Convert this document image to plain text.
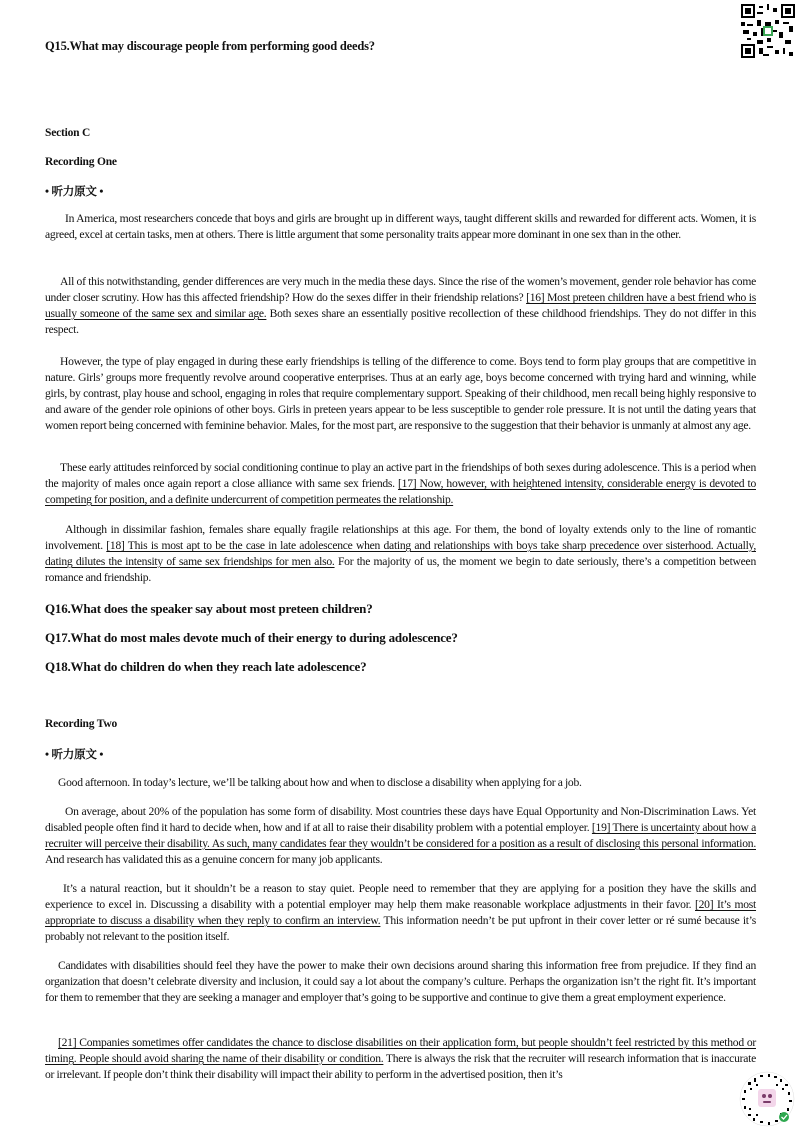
Q15.What may discourage people from performing good deeds?
Section C
Recording One
• 听力原文 •
In America, most researchers concede that boys and girls are brought up in different ways, taught different skills and rewarded for different acts. Women, it is agreed, excel at certain tasks, men at others. There is little argument that some personality traits appear more dominant in one sex than in the other.
All of this notwithstanding, gender differences are very much in the media these days. Since the rise of the women’s movement, gender role behavior has come under closer scrutiny. How has this affected friendship? How do the sexes differ in their friendship relations? [16] Most preteen children have a best friend who is usually someone of the same sex and similar age. Both sexes share an essentially positive recollection of these childhood friendships. They do not differ in this respect.
However, the type of play engaged in during these early friendships is telling of the difference to come. Boys tend to form play groups that are competitive in nature. Girls’ groups more frequently revolve around cooperative enterprises. Thus at an early age, boys become concerned with trying hard and winning, while girls, by contrast, play house and school, engaging in roles that require complementary support. Speaking of their childhood, men recall being highly responsive to and aware of the gender role opinions of other boys. Girls in preteen years appear to be less susceptible to gender role pressure. It is not until the dating years that women report being concerned with feminine behavior. Males, for the most part, are responsive to the suggestion that their behavior is unmanly at almost any age.
These early attitudes reinforced by social conditioning continue to play an active part in the friendships of both sexes during adolescence. This is a period when the majority of males once again report a close alliance with same sex friends. [17] Now, however, with heightened intensity, considerable energy is devoted to competing for position, and a definite undercurrent of competition permeates the relationship.
Although in dissimilar fashion, females share equally fragile relationships at this age. For them, the bond of loyalty extends only to the line of romantic involvement. [18] This is most apt to be the case in late adolescence when dating and relationships with boys take sharp precedence over sisterhood. Actually, dating dilutes the intensity of same sex friendships for men also. For the majority of us, the moment we begin to date seriously, there’s a competition between romance and friendship.
Q16.What does the speaker say about most preteen children?
Q17.What do most males devote much of their energy to during adolescence?
Q18.What do children do when they reach late adolescence?
Recording Two
• 听力原文 •
Good afternoon. In today’s lecture, we’ll be talking about how and when to disclose a disability when applying for a job.
On average, about 20% of the population has some form of disability. Most countries these days have Equal Opportunity and Non-Discrimination Laws. Yet disabled people often find it hard to decide when, how and if at all to raise their disability problem with a potential employer. [19] There is uncertainty about how a recruiter will perceive their disability. As such, many candidates fear they wouldn’t be considered for a position as a result of disclosing this personal information. And research has validated this as a genuine concern for many job applicants.
It’s a natural reaction, but it shouldn’t be a reason to stay quiet. People need to remember that they are applying for a position they have the skills and experience to excel in. Discussing a disability with a potential employer may help them make reasonable workplace adjustments in their favor. [20] It’s most appropriate to discuss a disability when they reply to confirm an interview. This information needn’t be put upfront in their cover letter or ré sumé because it’s probably not relevant to the position itself.
Candidates with disabilities should feel they have the power to make their own decisions around sharing this information free from prejudice. If they find an organization that doesn’t celebrate diversity and inclusion, it could say a lot about the company’s culture. Perhaps the organization isn’t the right fit. It’s important for them to remember that they are seeking a manager and employer that’s going to be supportive and continue to give them a great employment experience.
[21] Companies sometimes offer candidates the chance to disclose disabilities on their application form, but people shouldn’t feel restricted by this method or timing. People should avoid sharing the name of their disability or condition. There is always the risk that the recruiter will research information that is inaccurate or irrelevant. If people don’t think their disability will impact their ability to perform in the advertised position, then it’s
